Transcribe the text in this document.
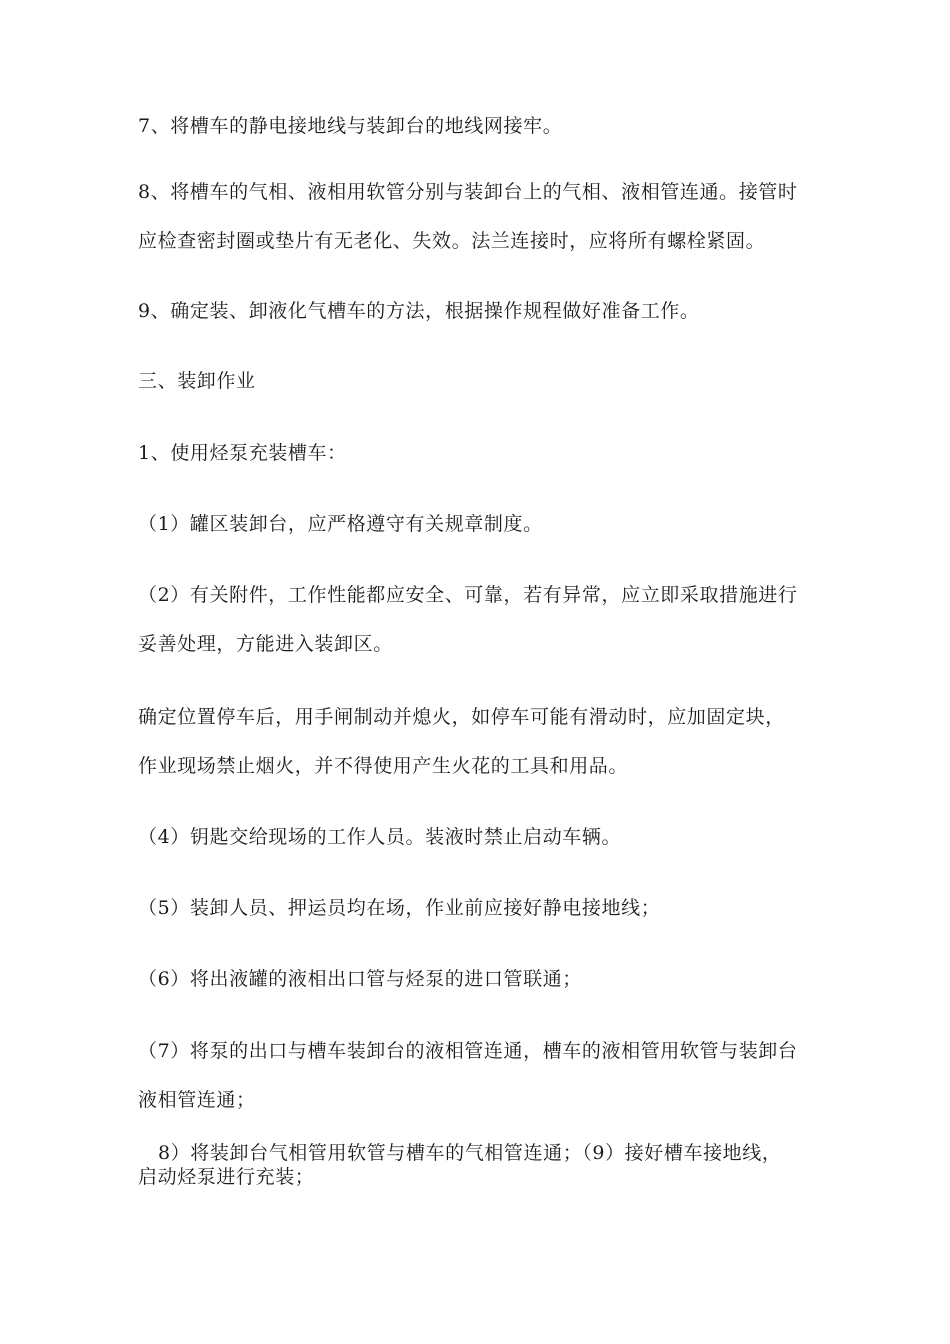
7、将槽车的静电接地线与装卸台的地线网接牢。
8、将槽车的气相、液相用软管分别与装卸台上的气相、液相管连通。接管时
应检查密封圈或垫片有无老化、失效。法兰连接时，应将所有螺栓紧固。
9、确定装、卸液化气槽车的方法，根据操作规程做好准备工作。
三、装卸作业
1、使用烃泵充装槽车：
（1）罐区装卸台，应严格遵守有关规章制度。
（2）有关附件，工作性能都应安全、可靠，若有异常，应立即采取措施进行
妥善处理，方能进入装卸区。
确定位置停车后，用手闸制动并熄火，如停车可能有滑动时，应加固定块，
作业现场禁止烟火，并不得使用产生火花的工具和用品。
（4）钥匙交给现场的工作人员。装液时禁止启动车辆。
（5）装卸人员、押运员均在场，作业前应接好静电接地线；
（6）将出液罐的液相出口管与烃泵的进口管联通；
（7）将泵的出口与槽车装卸台的液相管连通，槽车的液相管用软管与装卸台
液相管连通；
8）将装卸台气相管用软管与槽车的气相管连通；（9）接好槽车接地线，
启动烃泵进行充装；
